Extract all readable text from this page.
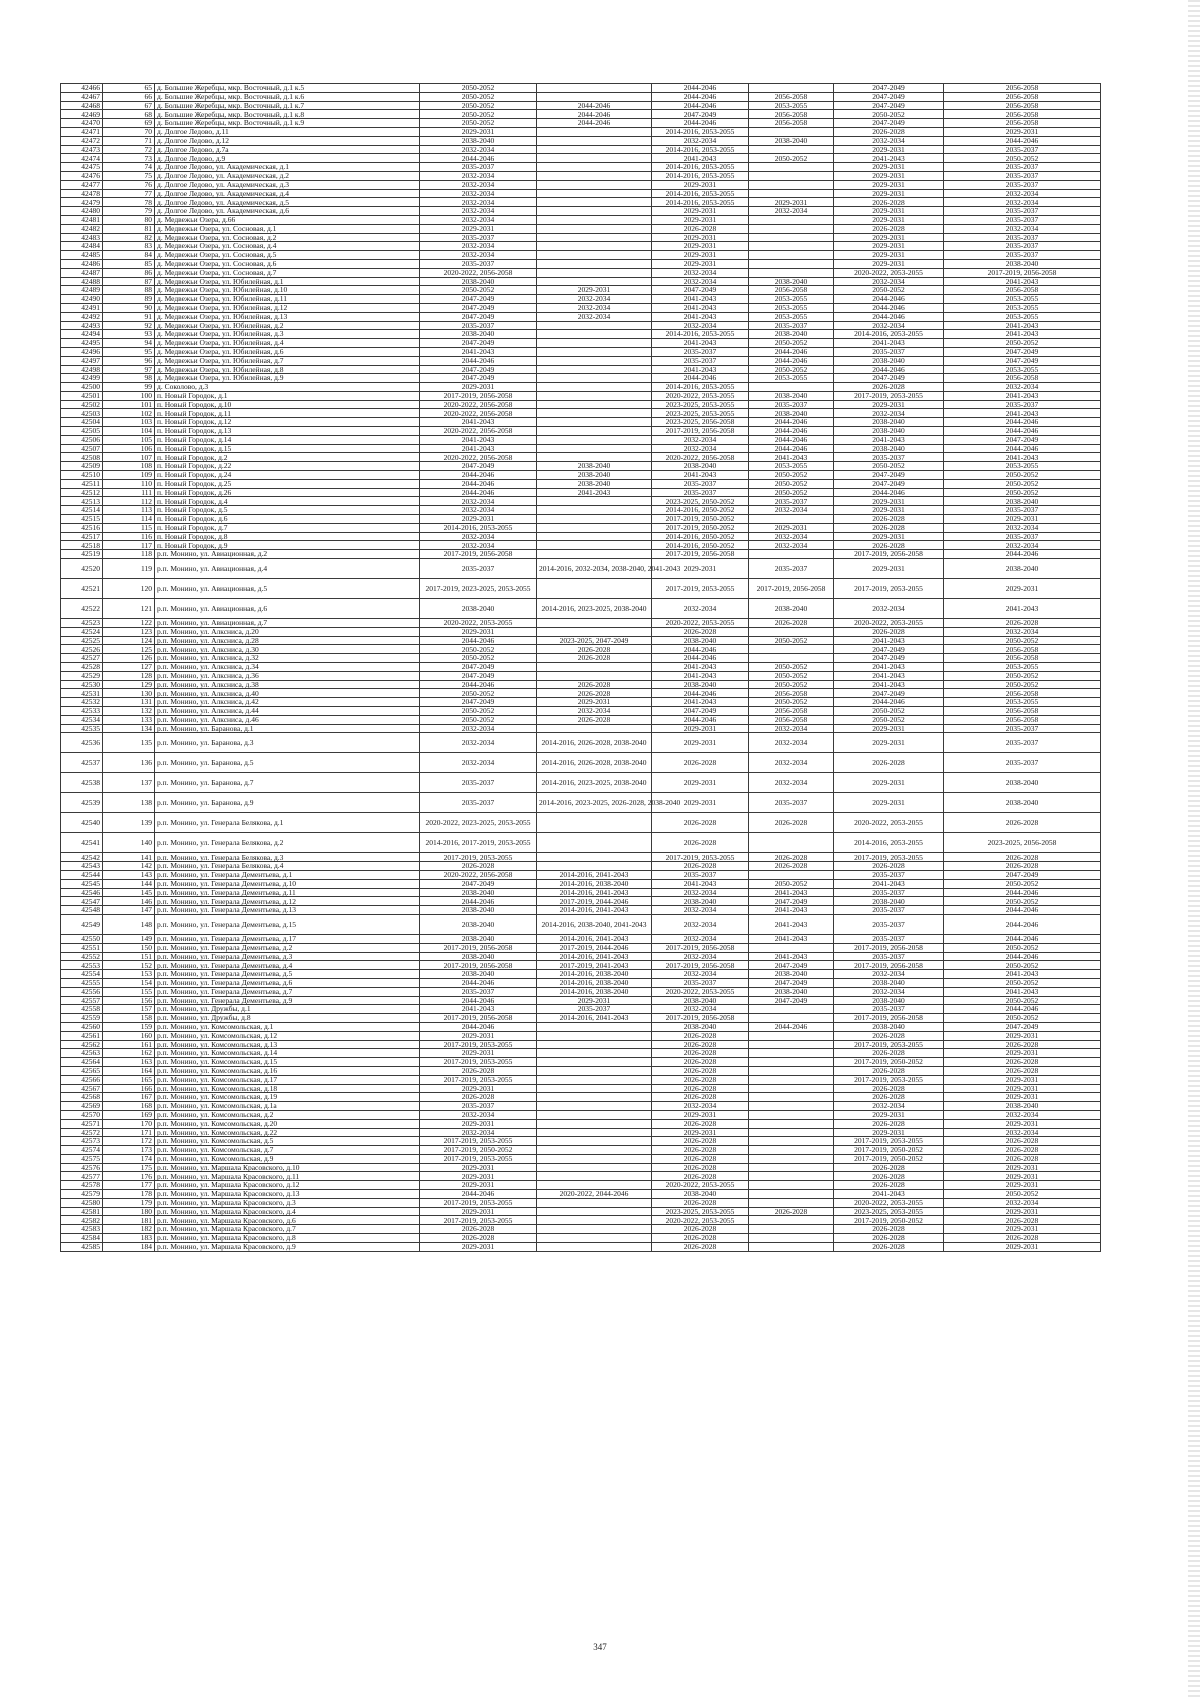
42466	65	д. Большие Жеребцы, мкр. Восточный, д.1 к.5	2050-2052		2044-2046		2047-2049	2056-2058
42467	66	д. Большие Жеребцы, мкр. Восточный, д.1 к.6	2050-2052		2044-2046	2056-2058	2047-2049	2056-2058
42468	67	д. Большие Жеребцы, мкр. Восточный, д.1 к.7	2050-2052	2044-2046	2044-2046	2053-2055	2047-2049	2056-2058
42469	68	д. Большие Жеребцы, мкр. Восточный, д.1 к.8	2050-2052	2044-2046	2047-2049	2056-2058	2050-2052	2056-2058
42470	69	д. Большие Жеребцы, мкр. Восточный, д.1 к.9	2050-2052	2044-2046	2044-2046	2056-2058	2047-2049	2056-2058
42471	70	д. Долгое Ледово, д.11	2029-2031		2014-2016, 2053-2055		2026-2028	2029-2031
42472	71	д. Долгое Ледово, д.12	2038-2040		2032-2034	2038-2040	2032-2034	2044-2046
42473	72	д. Долгое Ледово, д.7а	2032-2034		2014-2016, 2053-2055		2029-2031	2035-2037
42474	73	д. Долгое Ледово, д.9	2044-2046		2041-2043	2050-2052	2041-2043	2050-2052
42475	74	д. Долгое Ледово, ул. Академическая, д.1	2035-2037		2014-2016, 2053-2055		2029-2031	2035-2037
42476	75	д. Долгое Ледово, ул. Академическая, д.2	2032-2034		2014-2016, 2053-2055		2029-2031	2035-2037
42477	76	д. Долгое Ледово, ул. Академическая, д.3	2032-2034		2029-2031		2029-2031	2035-2037
42478	77	д. Долгое Ледово, ул. Академическая, д.4	2032-2034		2014-2016, 2053-2055		2029-2031	2032-2034
42479	78	д. Долгое Ледово, ул. Академическая, д.5	2032-2034		2014-2016, 2053-2055	2029-2031	2026-2028	2032-2034
42480	79	д. Долгое Ледово, ул. Академическая, д.6	2032-2034		2029-2031	2032-2034	2029-2031	2035-2037
42481	80	д. Медвежьи Озера, д.66	2032-2034		2029-2031		2029-2031	2035-2037
42482	81	д. Медвежьи Озера, ул. Сосновая, д.1	2029-2031		2026-2028		2026-2028	2032-2034
42483	82	д. Медвежьи Озера, ул. Сосновая, д.2	2035-2037		2029-2031		2029-2031	2035-2037
42484	83	д. Медвежьи Озера, ул. Сосновая, д.4	2032-2034		2029-2031		2029-2031	2035-2037
42485	84	д. Медвежьи Озера, ул. Сосновая, д.5	2032-2034		2029-2031		2029-2031	2035-2037
42486	85	д. Медвежьи Озера, ул. Сосновая, д.6	2035-2037		2029-2031		2029-2031	2038-2040
42487	86	д. Медвежьи Озера, ул. Сосновая, д.7	2020-2022, 2056-2058		2032-2034		2020-2022, 2053-2055	2017-2019, 2056-2058
42488	87	д. Медвежьи Озера, ул. Юбилейная, д.1	2038-2040		2032-2034	2038-2040	2032-2034	2041-2043
42489	88	д. Медвежьи Озера, ул. Юбилейная, д.10	2050-2052	2029-2031	2047-2049	2056-2058	2050-2052	2056-2058
42490	89	д. Медвежьи Озера, ул. Юбилейная, д.11	2047-2049	2032-2034	2041-2043	2053-2055	2044-2046	2053-2055
42491	90	д. Медвежьи Озера, ул. Юбилейная, д.12	2047-2049	2032-2034	2041-2043	2053-2055	2044-2046	2053-2055
42492	91	д. Медвежьи Озера, ул. Юбилейная, д.13	2047-2049	2032-2034	2041-2043	2053-2055	2044-2046	2053-2055
42493	92	д. Медвежьи Озера, ул. Юбилейная, д.2	2035-2037		2032-2034	2035-2037	2032-2034	2041-2043
42494	93	д. Медвежьи Озера, ул. Юбилейная, д.3	2038-2040		2014-2016, 2053-2055	2038-2040	2014-2016, 2053-2055	2041-2043
42495	94	д. Медвежьи Озера, ул. Юбилейная, д.4	2047-2049		2041-2043	2050-2052	2041-2043	2050-2052
42496	95	д. Медвежьи Озера, ул. Юбилейная, д.6	2041-2043		2035-2037	2044-2046	2035-2037	2047-2049
42497	96	д. Медвежьи Озера, ул. Юбилейная, д.7	2044-2046		2035-2037	2044-2046	2038-2040	2047-2049
42498	97	д. Медвежьи Озера, ул. Юбилейная, д.8	2047-2049		2041-2043	2050-2052	2044-2046	2053-2055
42499	98	д. Медвежьи Озера, ул. Юбилейная, д.9	2047-2049		2044-2046	2053-2055	2047-2049	2056-2058
42500	99	д. Соколово, д.3	2029-2031		2014-2016, 2053-2055		2026-2028	2032-2034
42501	100	п. Новый Городок, д.1	2017-2019, 2056-2058		2020-2022, 2053-2055	2038-2040	2017-2019, 2053-2055	2041-2043
42502	101	п. Новый Городок, д.10	2020-2022, 2056-2058		2023-2025, 2053-2055	2035-2037	2029-2031	2035-2037
42503	102	п. Новый Городок, д.11	2020-2022, 2056-2058		2023-2025, 2053-2055	2038-2040	2032-2034	2041-2043
42504	103	п. Новый Городок, д.12	2041-2043		2023-2025, 2056-2058	2044-2046	2038-2040	2044-2046
42505	104	п. Новый Городок, д.13	2020-2022, 2056-2058		2017-2019, 2056-2058	2044-2046	2038-2040	2044-2046
42506	105	п. Новый Городок, д.14	2041-2043		2032-2034	2044-2046	2041-2043	2047-2049
42507	106	п. Новый Городок, д.15	2041-2043		2032-2034	2044-2046	2038-2040	2044-2046
42508	107	п. Новый Городок, д.2	2020-2022, 2056-2058		2020-2022, 2056-2058	2041-2043	2035-2037	2041-2043
42509	108	п. Новый Городок, д.22	2047-2049	2038-2040	2038-2040	2053-2055	2050-2052	2053-2055
42510	109	п. Новый Городок, д.24	2044-2046	2038-2040	2041-2043	2050-2052	2047-2049	2050-2052
42511	110	п. Новый Городок, д.25	2044-2046	2038-2040	2035-2037	2050-2052	2047-2049	2050-2052
42512	111	п. Новый Городок, д.26	2044-2046	2041-2043	2035-2037	2050-2052	2044-2046	2050-2052
42513	112	п. Новый Городок, д.4	2032-2034		2023-2025, 2050-2052	2035-2037	2029-2031	2038-2040
42514	113	п. Новый Городок, д.5	2032-2034		2014-2016, 2050-2052	2032-2034	2029-2031	2035-2037
42515	114	п. Новый Городок, д.6	2029-2031		2017-2019, 2050-2052		2026-2028	2029-2031
42516	115	п. Новый Городок, д.7	2014-2016, 2053-2055		2017-2019, 2050-2052	2029-2031	2026-2028	2032-2034
42517	116	п. Новый Городок, д.8	2032-2034		2014-2016, 2050-2052	2032-2034	2029-2031	2035-2037
42518	117	п. Новый Городок, д.9	2032-2034		2014-2016, 2050-2052	2032-2034	2026-2028	2032-2034
42519	118	р.п. Монино, ул. Авиационная, д.2	2017-2019, 2056-2058		2017-2019, 2056-2058		2017-2019, 2056-2058	2044-2046
42520	119	р.п. Монино, ул. Авиационная, д.4	2035-2037	2014-2016, 2032-2034, 2038-2040, 2041-2043	2029-2031	2035-2037	2029-2031	2038-2040
42521	120	р.п. Монино, ул. Авиационная, д.5	2017-2019, 2023-2025, 2053-2055		2017-2019, 2053-2055	2017-2019, 2056-2058	2017-2019, 2053-2055	2029-2031
42522	121	р.п. Монино, ул. Авиационная, д.6	2038-2040	2014-2016, 2023-2025, 2038-2040	2032-2034	2038-2040	2032-2034	2041-2043
42523	122	р.п. Монино, ул. Авиационная, д.7	2020-2022, 2053-2055		2020-2022, 2053-2055	2026-2028	2020-2022, 2053-2055	2026-2028
42524	123	р.п. Монино, ул. Алксниса, д.20	2029-2031		2026-2028		2026-2028	2032-2034
42525	124	р.п. Монино, ул. Алксниса, д.28	2044-2046	2023-2025, 2047-2049	2038-2040	2050-2052	2041-2043	2050-2052
42526	125	р.п. Монино, ул. Алксниса, д.30	2050-2052	2026-2028	2044-2046		2047-2049	2056-2058
42527	126	р.п. Монино, ул. Алксниса, д.32	2050-2052	2026-2028	2044-2046		2047-2049	2056-2058
42528	127	р.п. Монино, ул. Алксниса, д.34	2047-2049		2041-2043	2050-2052	2041-2043	2053-2055
42529	128	р.п. Монино, ул. Алксниса, д.36	2047-2049		2041-2043	2050-2052	2041-2043	2050-2052
42530	129	р.п. Монино, ул. Алксниса, д.38	2044-2046	2026-2028	2038-2040	2050-2052	2041-2043	2050-2052
42531	130	р.п. Монино, ул. Алксниса, д.40	2050-2052	2026-2028	2044-2046	2056-2058	2047-2049	2056-2058
42532	131	р.п. Монино, ул. Алксниса, д.42	2047-2049	2029-2031	2041-2043	2050-2052	2044-2046	2053-2055
42533	132	р.п. Монино, ул. Алксниса, д.44	2050-2052	2032-2034	2047-2049	2056-2058	2050-2052	2056-2058
42534	133	р.п. Монино, ул. Алксниса, д.46	2050-2052	2026-2028	2044-2046	2056-2058	2050-2052	2056-2058
42535	134	р.п. Монино, ул. Баранова, д.1	2032-2034		2029-2031	2032-2034	2029-2031	2035-2037
42536	135	р.п. Монино, ул. Баранова, д.3	2032-2034	2014-2016, 2026-2028, 2038-2040	2029-2031	2032-2034	2029-2031	2035-2037
42537	136	р.п. Монино, ул. Баранова, д.5	2032-2034	2014-2016, 2026-2028, 2038-2040	2026-2028	2032-2034	2026-2028	2035-2037
42538	137	р.п. Монино, ул. Баранова, д.7	2035-2037	2014-2016, 2023-2025, 2038-2040	2029-2031	2032-2034	2029-2031	2038-2040
42539	138	р.п. Монино, ул. Баранова, д.9	2035-2037	2014-2016, 2023-2025, 2026-2028, 2038-2040	2029-2031	2035-2037	2029-2031	2038-2040
42540	139	р.п. Монино, ул. Генерала Белякова, д.1	2020-2022, 2023-2025, 2053-2055		2026-2028	2026-2028	2020-2022, 2053-2055	2026-2028
42541	140	р.п. Монино, ул. Генерала Белякова, д.2	2014-2016, 2017-2019, 2053-2055		2026-2028		2014-2016, 2053-2055	2023-2025, 2056-2058
42542	141	р.п. Монино, ул. Генерала Белякова, д.3	2017-2019, 2053-2055		2017-2019, 2053-2055	2026-2028	2017-2019, 2053-2055	2026-2028
42543	142	р.п. Монино, ул. Генерала Белякова, д.4	2026-2028		2026-2028	2026-2028	2026-2028	2026-2028
42544	143	р.п. Монино, ул. Генерала Дементьева, д.1	2020-2022, 2056-2058	2014-2016, 2041-2043	2035-2037		2035-2037	2047-2049
42545	144	р.п. Монино, ул. Генерала Дементьева, д.10	2047-2049	2014-2016, 2038-2040	2041-2043	2050-2052	2041-2043	2050-2052
42546	145	р.п. Монино, ул. Генерала Дементьева, д.11	2038-2040	2014-2016, 2041-2043	2032-2034	2041-2043	2035-2037	2044-2046
42547	146	р.п. Монино, ул. Генерала Дементьева, д.12	2044-2046	2017-2019, 2044-2046	2038-2040	2047-2049	2038-2040	2050-2052
42548	147	р.п. Монино, ул. Генерала Дементьева, д.13	2038-2040	2014-2016, 2041-2043	2032-2034	2041-2043	2035-2037	2044-2046
42549	148	р.п. Монино, ул. Генерала Дементьева, д.15	2038-2040	2014-2016, 2038-2040, 2041-2043	2032-2034	2041-2043	2035-2037	2044-2046
42550	149	р.п. Монино, ул. Генерала Дементьева, д.17	2038-2040	2014-2016, 2041-2043	2032-2034	2041-2043	2035-2037	2044-2046
42551	150	р.п. Монино, ул. Генерала Дементьева, д.2	2017-2019, 2056-2058	2017-2019, 2044-2046	2017-2019, 2056-2058		2017-2019, 2056-2058	2050-2052
42552	151	р.п. Монино, ул. Генерала Дементьева, д.3	2038-2040	2014-2016, 2041-2043	2032-2034	2041-2043	2035-2037	2044-2046
42553	152	р.п. Монино, ул. Генерала Дементьева, д.4	2017-2019, 2056-2058	2017-2019, 2041-2043	2017-2019, 2056-2058	2047-2049	2017-2019, 2056-2058	2050-2052
42554	153	р.п. Монино, ул. Генерала Дементьева, д.5	2038-2040	2014-2016, 2038-2040	2032-2034	2038-2040	2032-2034	2041-2043
42555	154	р.п. Монино, ул. Генерала Дементьева, д.6	2044-2046	2014-2016, 2038-2040	2035-2037	2047-2049	2038-2040	2050-2052
42556	155	р.п. Монино, ул. Генерала Дементьева, д.7	2035-2037	2014-2016, 2038-2040	2020-2022, 2053-2055	2038-2040	2032-2034	2041-2043
42557	156	р.п. Монино, ул. Генерала Дементьева, д.9	2044-2046	2029-2031	2038-2040	2047-2049	2038-2040	2050-2052
42558	157	р.п. Монино, ул. Дружбы, д.1	2041-2043	2035-2037	2032-2034		2035-2037	2044-2046
42559	158	р.п. Монино, ул. Дружбы, д.8	2017-2019, 2056-2058	2014-2016, 2041-2043	2017-2019, 2056-2058		2017-2019, 2056-2058	2050-2052
42560	159	р.п. Монино, ул. Комсомольская, д.1	2044-2046		2038-2040	2044-2046	2038-2040	2047-2049
42561	160	р.п. Монино, ул. Комсомольская, д.12	2029-2031		2026-2028		2026-2028	2029-2031
42562	161	р.п. Монино, ул. Комсомольская, д.13	2017-2019, 2053-2055		2026-2028		2017-2019, 2053-2055	2026-2028
42563	162	р.п. Монино, ул. Комсомольская, д.14	2029-2031		2026-2028		2026-2028	2029-2031
42564	163	р.п. Монино, ул. Комсомольская, д.15	2017-2019, 2053-2055		2026-2028		2017-2019, 2050-2052	2026-2028
42565	164	р.п. Монино, ул. Комсомольская, д.16	2026-2028		2026-2028		2026-2028	2026-2028
42566	165	р.п. Монино, ул. Комсомольская, д.17	2017-2019, 2053-2055		2026-2028		2017-2019, 2053-2055	2029-2031
42567	166	р.п. Монино, ул. Комсомольская, д.18	2029-2031		2026-2028		2026-2028	2029-2031
42568	167	р.п. Монино, ул. Комсомольская, д.19	2026-2028		2026-2028		2026-2028	2029-2031
42569	168	р.п. Монино, ул. Комсомольская, д.1а	2035-2037		2032-2034		2032-2034	2038-2040
42570	169	р.п. Монино, ул. Комсомольская, д.2	2032-2034		2029-2031		2029-2031	2032-2034
42571	170	р.п. Монино, ул. Комсомольская, д.20	2029-2031		2026-2028		2026-2028	2029-2031
42572	171	р.п. Монино, ул. Комсомольская, д.22	2032-2034		2029-2031		2029-2031	2032-2034
42573	172	р.п. Монино, ул. Комсомольская, д.5	2017-2019, 2053-2055		2026-2028		2017-2019, 2053-2055	2026-2028
42574	173	р.п. Монино, ул. Комсомольская, д.7	2017-2019, 2050-2052		2026-2028		2017-2019, 2050-2052	2026-2028
42575	174	р.п. Монино, ул. Комсомольская, д.9	2017-2019, 2053-2055		2026-2028		2017-2019, 2050-2052	2026-2028
42576	175	р.п. Монино, ул. Маршала Красовского, д.10	2029-2031		2026-2028		2026-2028	2029-2031
42577	176	р.п. Монино, ул. Маршала Красовского, д.11	2029-2031		2026-2028		2026-2028	2029-2031
42578	177	р.п. Монино, ул. Маршала Красовского, д.12	2029-2031		2020-2022, 2053-2055		2026-2028	2029-2031
42579	178	р.п. Монино, ул. Маршала Красовского, д.13	2044-2046	2020-2022, 2044-2046	2038-2040		2041-2043	2050-2052
42580	179	р.п. Монино, ул. Маршала Красовского, д.3	2017-2019, 2053-2055		2026-2028		2020-2022, 2053-2055	2032-2034
42581	180	р.п. Монино, ул. Маршала Красовского, д.4	2029-2031		2023-2025, 2053-2055	2026-2028	2023-2025, 2053-2055	2029-2031
42582	181	р.п. Монино, ул. Маршала Красовского, д.6	2017-2019, 2053-2055		2020-2022, 2053-2055		2017-2019, 2050-2052	2026-2028
42583	182	р.п. Монино, ул. Маршала Красовского, д.7	2026-2028		2026-2028		2026-2028	2029-2031
42584	183	р.п. Монино, ул. Маршала Красовского, д.8	2026-2028		2026-2028		2026-2028	2026-2028
42585	184	р.п. Монино, ул. Маршала Красовского, д.9	2029-2031		2026-2028		2026-2028	2029-2031
347
